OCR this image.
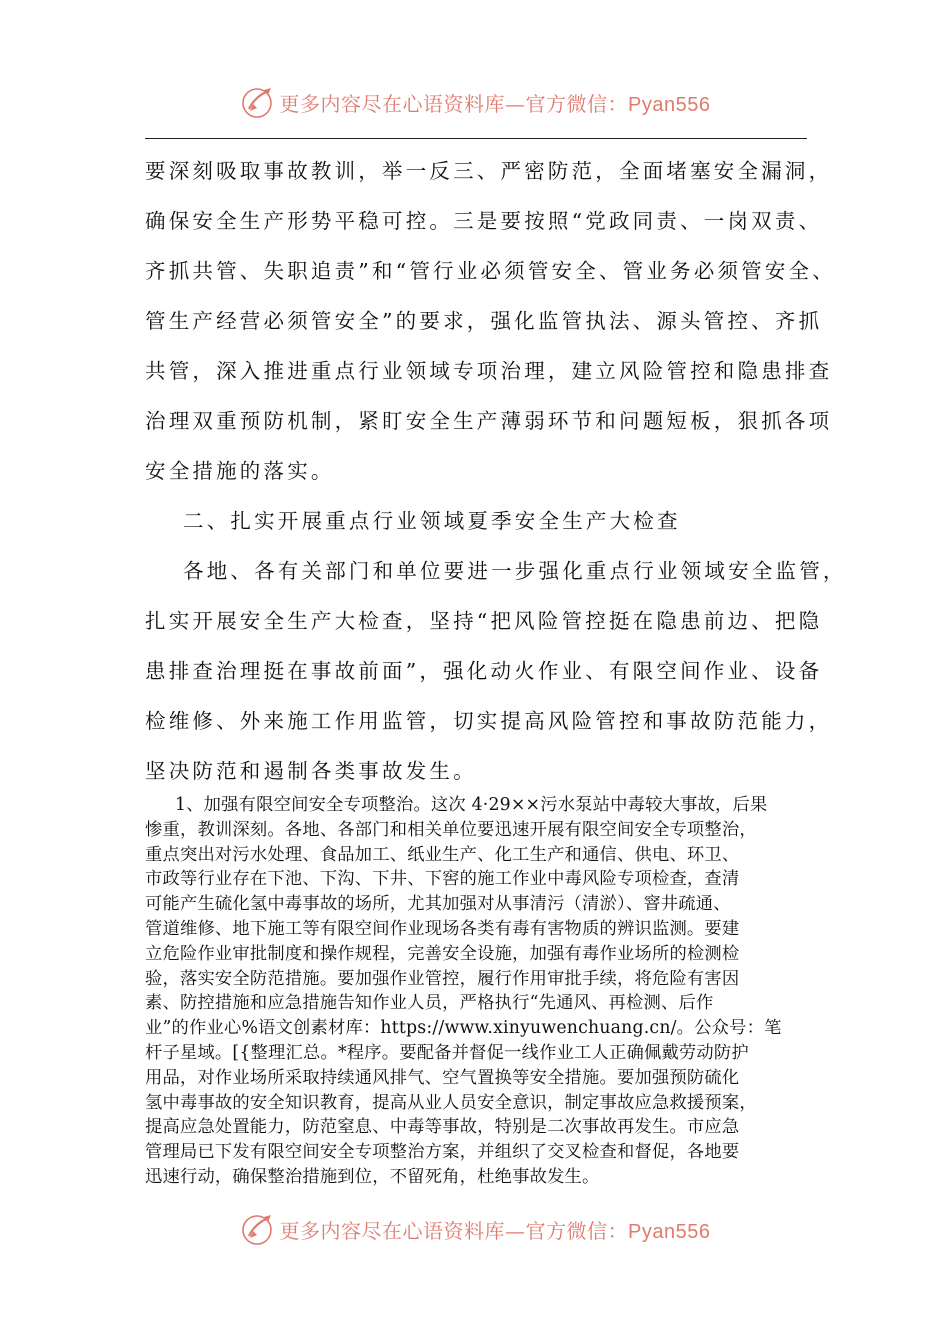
更多内容尽在心语资料库—官方微信：Pyan556
要深刻吸取事故教训，举一反三、严密防范，全面堵塞安全漏洞，
确保安全生产形势平稳可控。三是要按照“党政同责、一岗双责、
齐抓共管、失职追责”和“管行业必须管安全、管业务必须管安全、
管生产经营必须管安全”的要求，强化监管执法、源头管控、齐抓
共管，深入推进重点行业领域专项治理，建立风险管控和隐患排查
治理双重预防机制，紧盯安全生产薄弱环节和问题短板，狠抓各项
安全措施的落实。
二、扎实开展重点行业领域夏季安全生产大检查
各地、各有关部门和单位要进一步强化重点行业领域安全监管，
扎实开展安全生产大检查，坚持“把风险管控挺在隐患前边、把隐
患排查治理挺在事故前面”，强化动火作业、有限空间作业、设备
检维修、外来施工作用监管，切实提高风险管控和事故防范能力，
坚决防范和遏制各类事故发生。
1、加强有限空间安全专项整治。这次 4·29××污水泵站中毒较大事故，后果
惨重，教训深刻。各地、各部门和相关单位要迅速开展有限空间安全专项整治，
重点突出对污水处理、食品加工、纸业生产、化工生产和通信、供电、环卫、
市政等行业存在下池、下沟、下井、下窖的施工作业中毒风险专项检查，查清
可能产生硫化氢中毒事故的场所，尤其加强对从事清污（清淤）、窨井疏通、
管道维修、地下施工等有限空间作业现场各类有毒有害物质的辨识监测。要建
立危险作业审批制度和操作规程，完善安全设施，加强有毒作业场所的检测检
验，落实安全防范措施。要加强作业管控，履行作用审批手续，将危险有害因
素、防控措施和应急措施告知作业人员，严格执行“先通风、再检测、后作
业”的作业心%语文创素材库：https://www.xinyuwenchuang.cn/。公众号：笔
杆子星域。[{整理汇总。*程序。要配备并督促一线作业工人正确佩戴劳动防护
用品，对作业场所采取持续通风排气、空气置换等安全措施。要加强预防硫化
氢中毒事故的安全知识教育，提高从业人员安全意识，制定事故应急救援预案，
提高应急处置能力，防范窒息、中毒等事故，特别是二次事故再发生。市应急
管理局已下发有限空间安全专项整治方案，并组织了交叉检查和督促，各地要
迅速行动，确保整治措施到位，不留死角，杜绝事故发生。
更多内容尽在心语资料库—官方微信：Pyan556
